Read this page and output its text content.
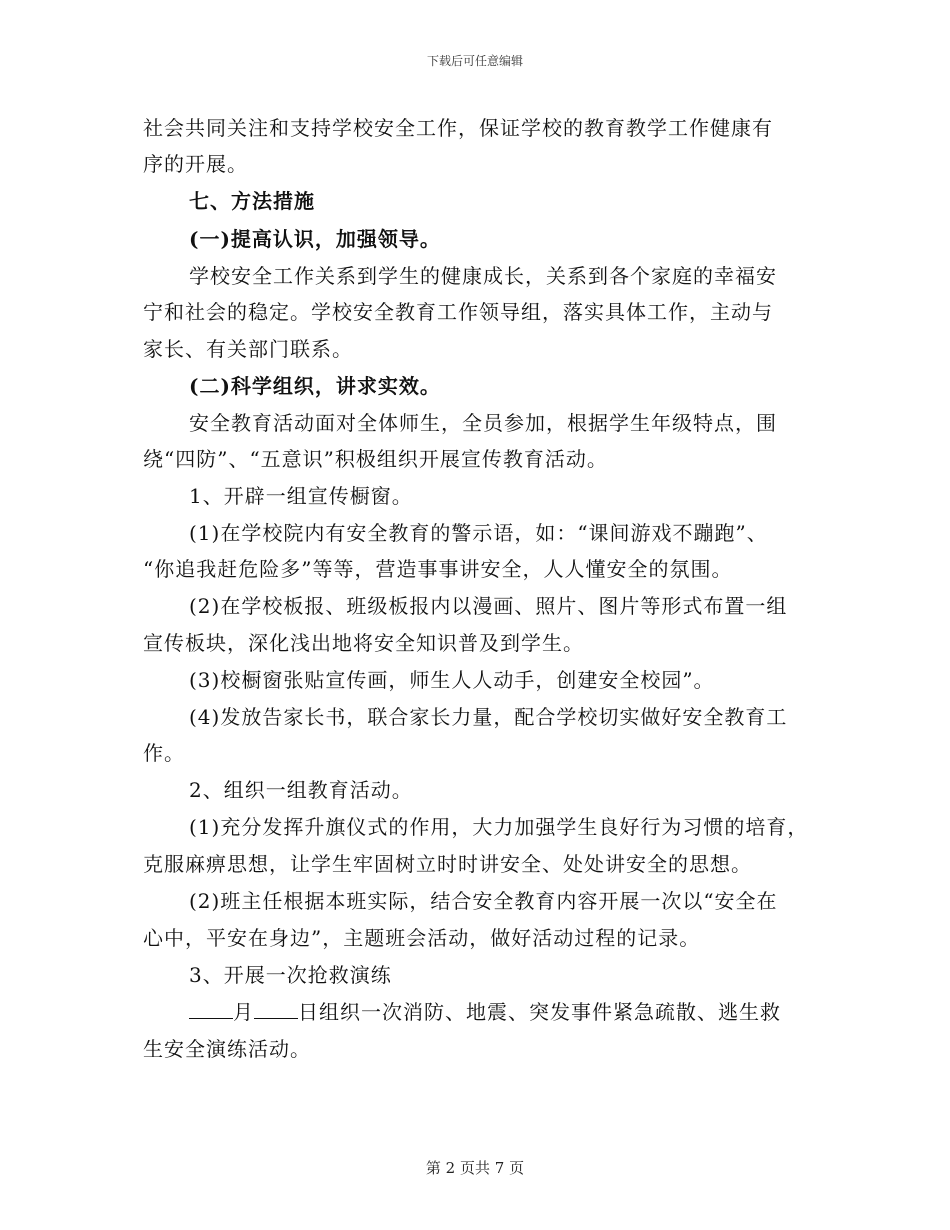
下载后可任意编辑
社会共同关注和支持学校安全工作，保证学校的教育教学工作健康有
序的开展。
七、方法措施
(一)提高认识，加强领导。
学校安全工作关系到学生的健康成长，关系到各个家庭的幸福安
宁和社会的稳定。学校安全教育工作领导组，落实具体工作，主动与
家长、有关部门联系。
(二)科学组织，讲求实效。
安全教育活动面对全体师生，全员参加，根据学生年级特点，围
绕“四防”、“五意识”积极组织开展宣传教育活动。
1、开辟一组宣传橱窗。
(1)在学校院内有安全教育的警示语，如：“课间游戏不蹦跑”、
“你追我赶危险多”等等，营造事事讲安全，人人懂安全的氛围。
(2)在学校板报、班级板报内以漫画、照片、图片等形式布置一组
宣传板块，深化浅出地将安全知识普及到学生。
(3)校橱窗张贴宣传画，师生人人动手，创建安全校园”。
(4)发放告家长书，联合家长力量，配合学校切实做好安全教育工
作。
2、组织一组教育活动。
(1)充分发挥升旗仪式的作用，大力加强学生良好行为习惯的培育，
克服麻痹思想，让学生牢固树立时时讲安全、处处讲安全的思想。
(2)班主任根据本班实际，结合安全教育内容开展一次以“安全在
心中，平安在身边”，主题班会活动，做好活动过程的记录。
3、开展一次抢救演练
月 日组织一次消防、地震、突发事件紧急疏散、逃生救
生安全演练活动。
第 2 页共 7 页
